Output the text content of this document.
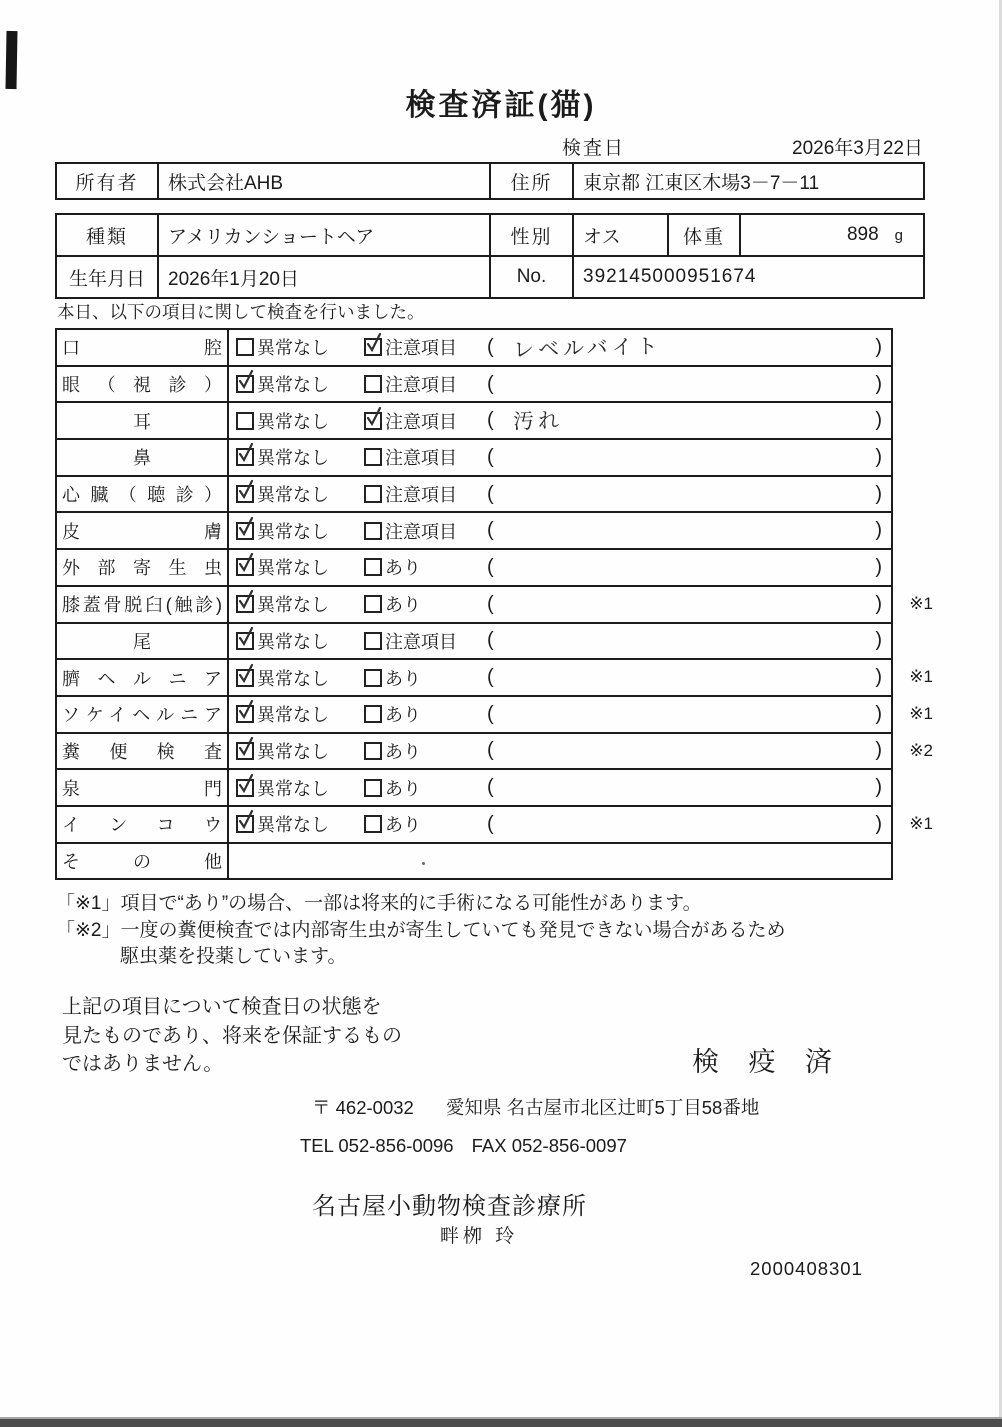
検査済証(猫)
検査日	2026年3月22日
所有者	株式会社AHB	住所	東京都 江東区木場3－7－11
種類	アメリカンショートヘア	性別	オス	体重	898 g
生年月日	2026年1月20日	No.	392145000951674
本日、以下の項目に関して検査を行いました。
口腔 異常なし	注意項目 ( レベルバイト	)
眼 （ 視 診 ） 異常なし	注意項目 (	)
耳	異常なし	注意項目 ( 汚れ	)
鼻	異常なし	注意項目 (	)
心 臓 （ 聴 診 ） 異常なし	注意項目 (	)
皮膚 異常なし	注意項目 (	)
外部寄生虫 異常なし	あり	(	)
膝蓋骨脱臼(触診) 異常なし	あり	(	) ※1
尾	異常なし	注意項目 (	)
臍ヘルニア 異常なし	あり	(	) ※1
ソケイヘルニア 異常なし	あり	(	) ※1
糞便検査 異常なし	あり	(	) ※2
泉門 異常なし	あり	(	)
インコウ 異常なし	あり	(	) ※1
その他
「※1」項目で“あり”の場合、一部は将来的に手術になる可能性があります。
「※2」一度の糞便検査では内部寄生虫が寄生していても発見できない場合があるため
駆虫薬を投薬しています。
上記の項目について検査日の状態を
見たものであり、将来を保証するもの
ではありません。	検 疫 済
〒 462-0032 愛知県 名古屋市北区辻町5丁目58番地
TEL 052-856-0096 FAX 052-856-0097
名古屋小動物検査診療所
畔栁 玲
2000408301
